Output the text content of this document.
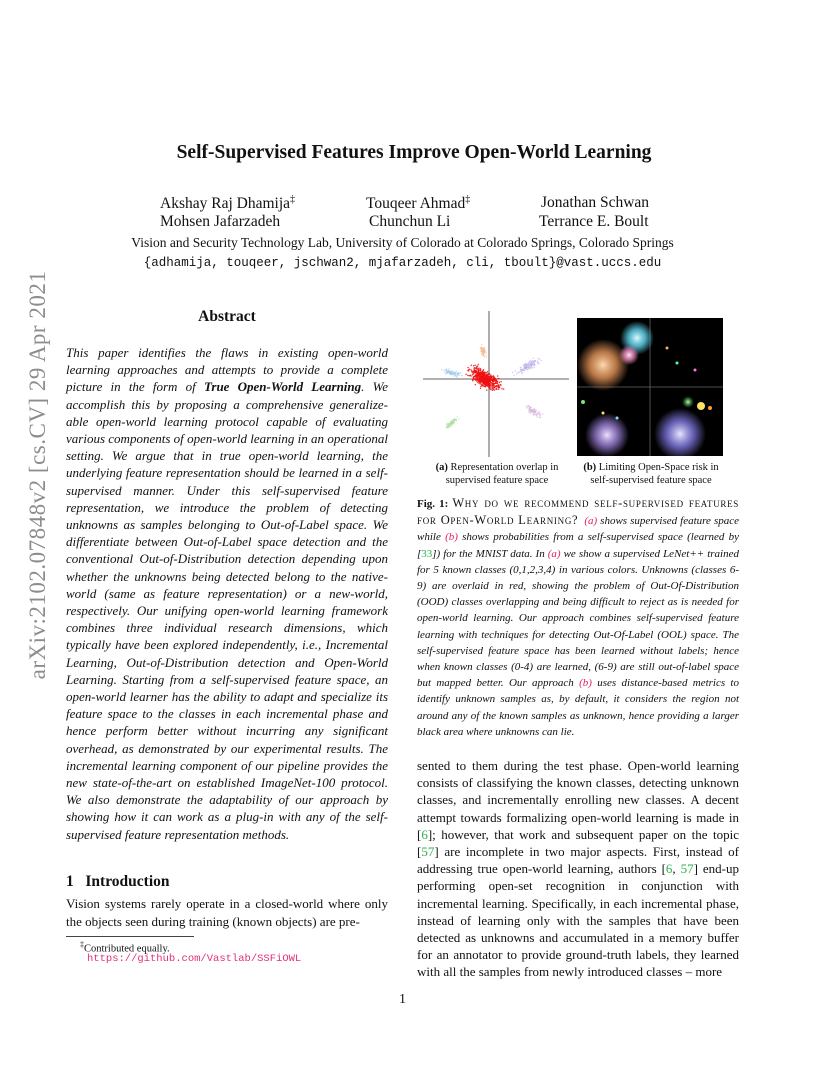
arXiv:2102.07848v2 [cs.CV] 29 Apr 2021
Self-Supervised Features Improve Open-World Learning
Akshay Raj Dhamija‡	Touqeer Ahmad‡	Jonathan Schwan
Mohsen Jafarzadeh	Chunchun Li	Terrance E. Boult
Vision and Security Technology Lab, University of Colorado at Colorado Springs, Colorado Springs
{adhamija, touqeer, jschwan2, mjafarzadeh, cli, tboult}@vast.uccs.edu
Abstract
This paper identifies the flaws in existing open-world learning approaches and attempts to provide a complete picture in the form of True Open-World Learning. We accomplish this by proposing a comprehensive generalize-able open-world learning protocol capable of evaluating various components of open-world learning in an operational setting. We argue that in true open-world learning, the underlying feature representation should be learned in a self-supervised manner. Under this self-supervised feature representation, we introduce the problem of detecting unknowns as samples belonging to Out-of-Label space. We differentiate between Out-of-Label space detection and the conventional Out-of-Distribution detection depending upon whether the unknowns being detected belong to the native-world (same as feature representation) or a new-world, respectively. Our unifying open-world learning framework combines three individual research dimensions, which typically have been explored independently, i.e., Incremental Learning, Out-of-Distribution detection and Open-World Learning. Starting from a self-supervised feature space, an open-world learner has the ability to adapt and specialize its feature space to the classes in each incremental phase and hence perform better without incurring any significant overhead, as demonstrated by our experimental results. The incremental learning component of our pipeline provides the new state-of-the-art on established ImageNet-100 protocol. We also demonstrate the adaptability of our approach by showing how it can work as a plug-in with any of the self-supervised feature representation methods.
1 Introduction
Vision systems rarely operate in a closed-world where only the objects seen during training (known objects) are pre-
‡Contributed equally.
https://github.com/Vastlab/SSFiOWL
(a) Representation overlap in supervised feature space
(b) Limiting Open-Space risk in self-supervised feature space
Fig. 1: Why do we recommend self-supervised features for Open-World Learning? (a) shows supervised feature space while (b) shows probabilities from a self-supervised space (learned by [33]) for the MNIST data. In (a) we show a supervised LeNet++ trained for 5 known classes (0,1,2,3,4) in various colors. Unknowns (classes 6-9) are overlaid in red, showing the problem of Out-Of-Distribution (OOD) classes overlapping and being difficult to reject as is needed for open-world learning. Our approach combines self-supervised feature learning with techniques for detecting Out-Of-Label (OOL) space. The self-supervised feature space has been learned without labels; hence when known classes (0-4) are learned, (6-9) are still out-of-label space but mapped better. Our approach (b) uses distance-based metrics to identify unknown samples as, by default, it considers the region not around any of the known samples as unknown, hence providing a larger black area where unknowns can lie.
sented to them during the test phase. Open-world learning consists of classifying the known classes, detecting unknown classes, and incrementally enrolling new classes. A decent attempt towards formalizing open-world learning is made in [6]; however, that work and subsequent paper on the topic [57] are incomplete in two major aspects. First, instead of addressing true open-world learning, authors [6, 57] end-up performing open-set recognition in conjunction with incremental learning. Specifically, in each incremental phase, instead of learning only with the samples that have been detected as unknowns and accumulated in a memory buffer for an annotator to provide ground-truth labels, they learned with all the samples from newly introduced classes – more
1
